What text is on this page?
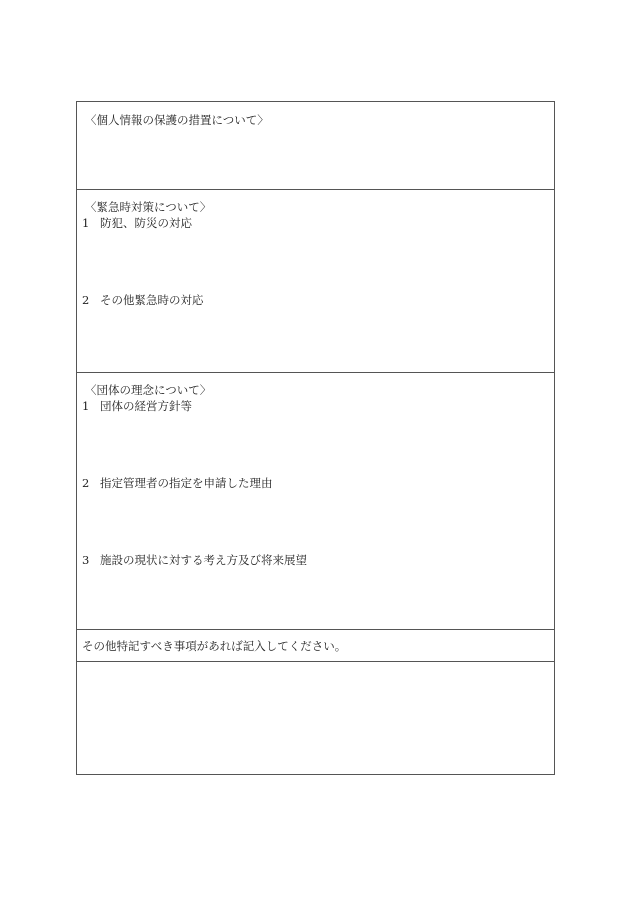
〈個人情報の保護の措置について〉
〈緊急時対策について〉
1 防犯、防災の対応
2 その他緊急時の対応
〈団体の理念について〉
1 団体の経営方針等
2 指定管理者の指定を申請した理由
3 施設の現状に対する考え方及び将来展望
その他特記すべき事項があれば記入してください。
